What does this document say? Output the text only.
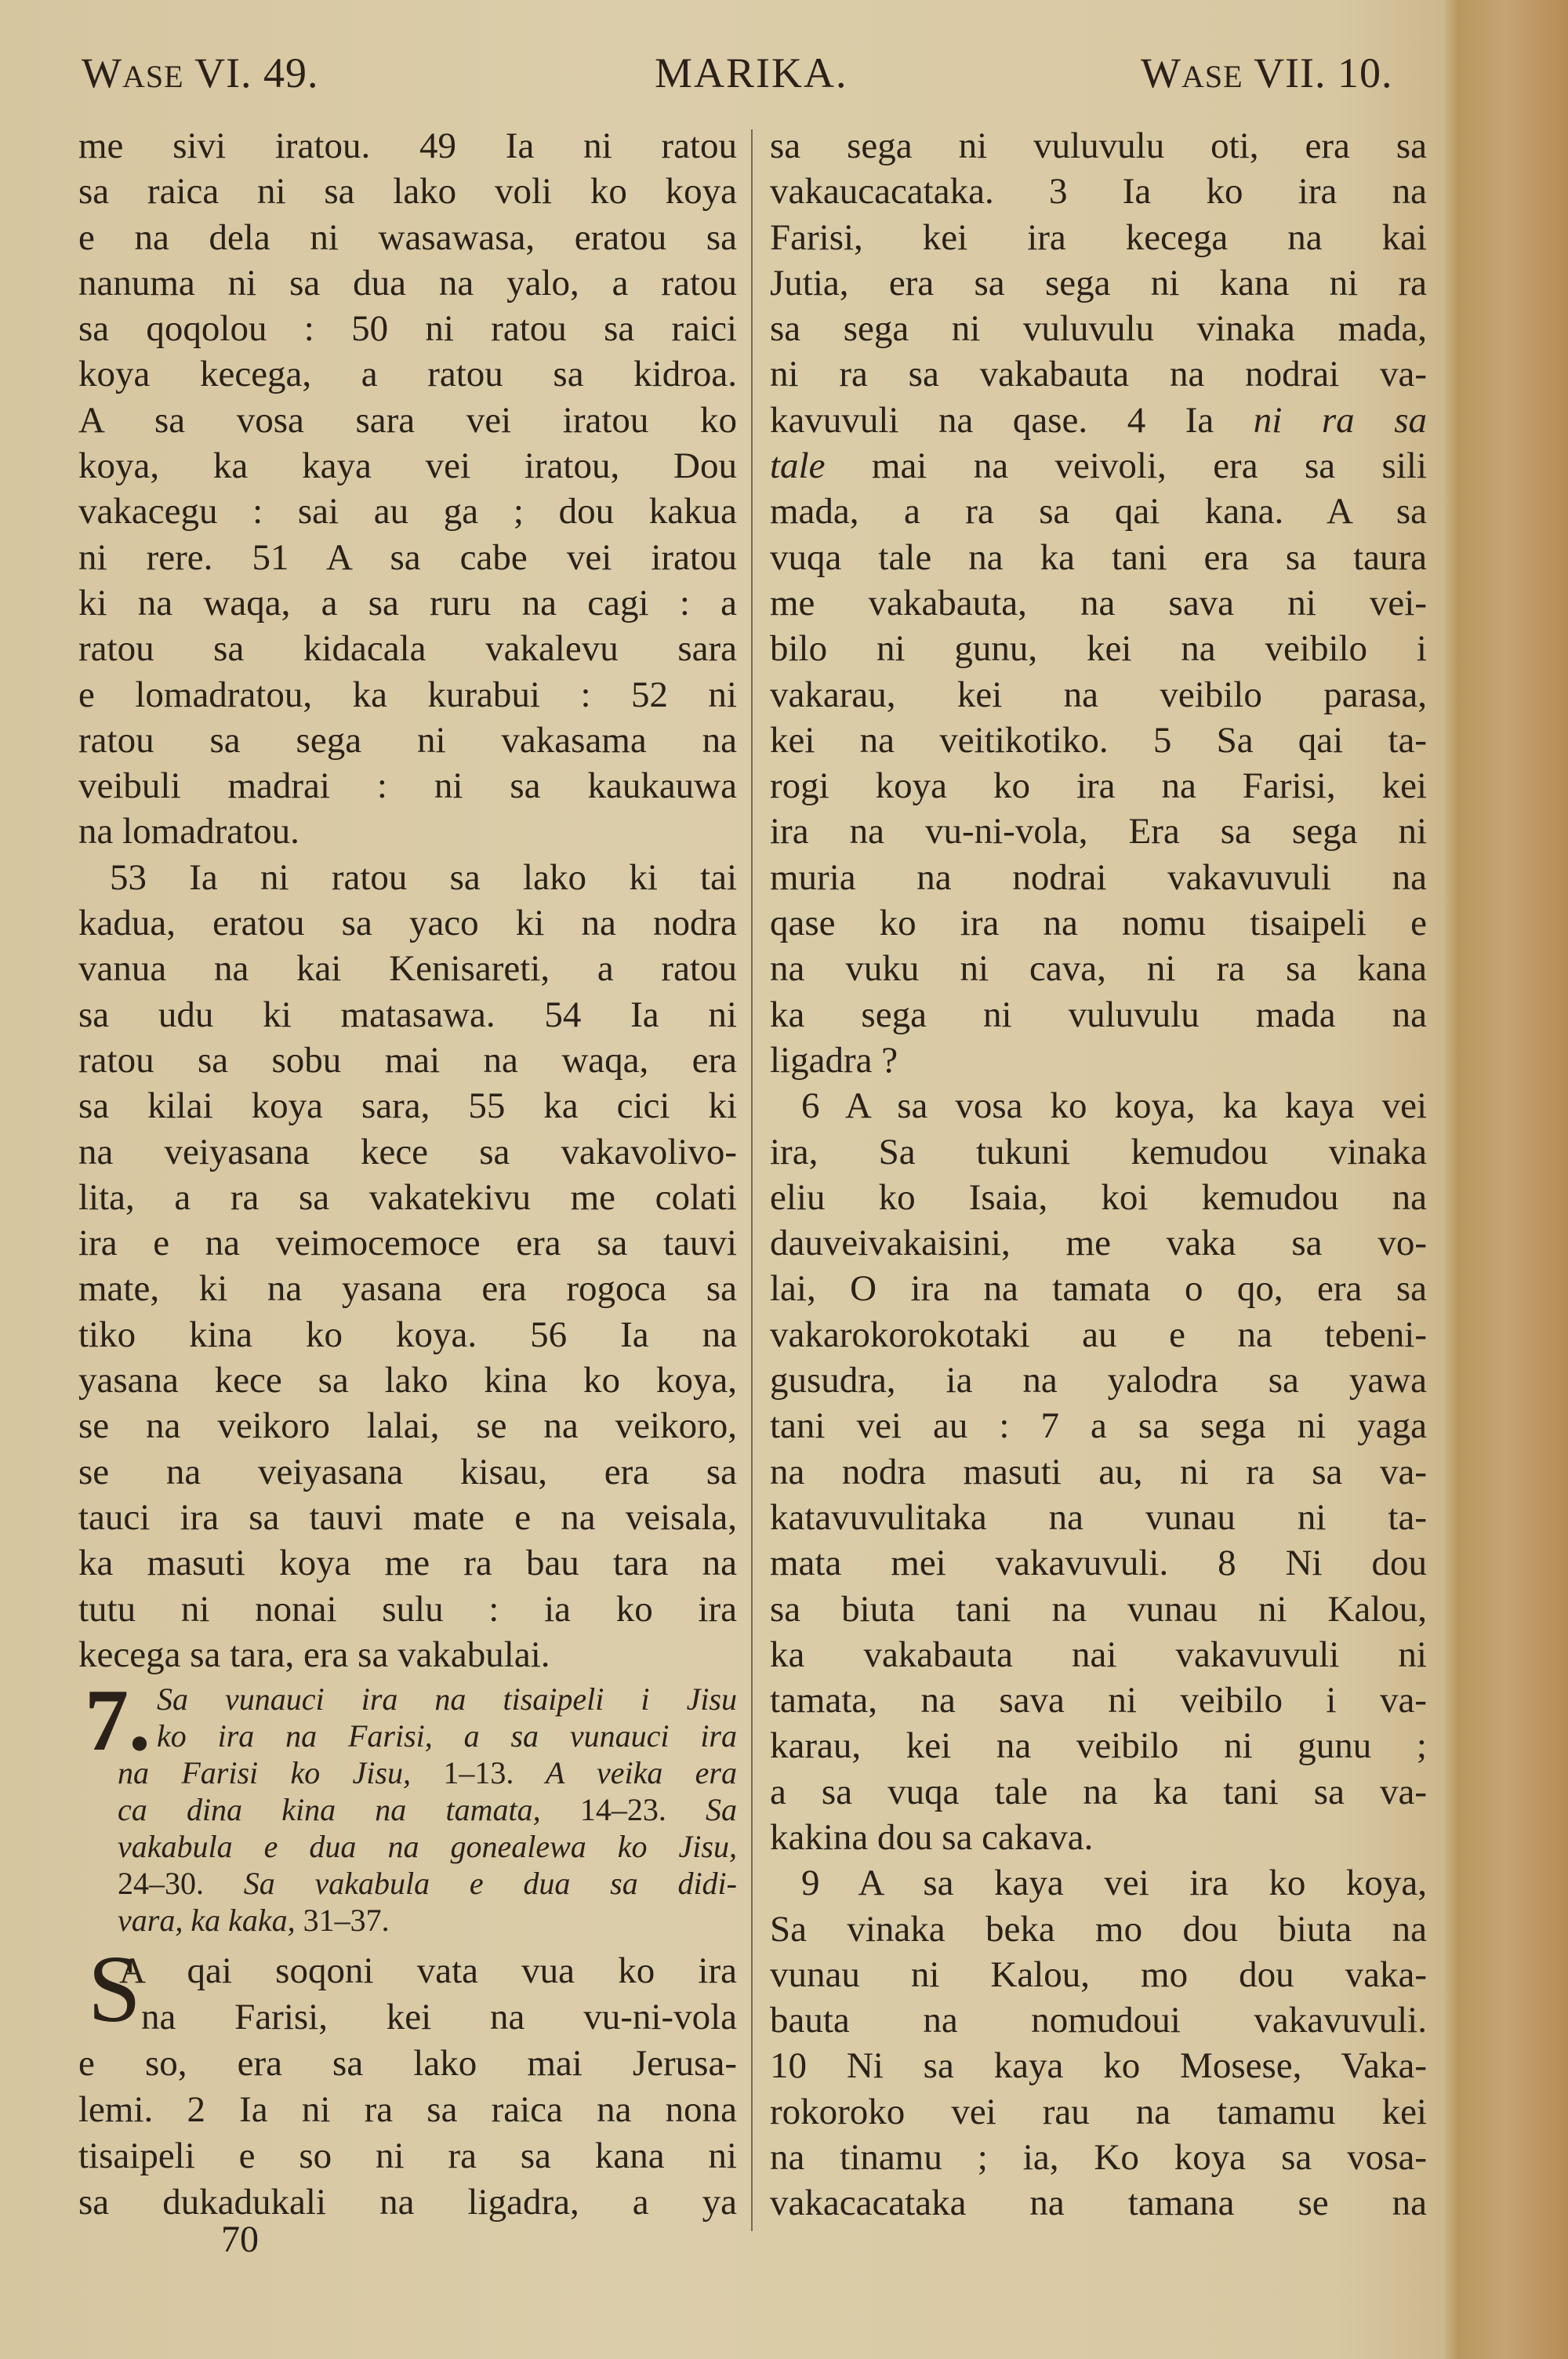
WASE VI. 49.	MARIKA.	WASE VII. 10.
me sivi iratou. 49 Ia ni ratou
sa raica ni sa lako voli ko koya
e na dela ni wasawasa, eratou sa
nanuma ni sa dua na yalo, a ratou
sa qoqolou : 50 ni ratou sa raici
koya kecega, a ratou sa kidroa.
A sa vosa sara vei iratou ko
koya, ka kaya vei iratou, Dou
vakacegu : sai au ga ; dou kakua
ni rere. 51 A sa cabe vei iratou
ki na waqa, a sa ruru na cagi : a
ratou sa kidacala vakalevu sara
e lomadratou, ka kurabui : 52 ni
ratou sa sega ni vakasama na
veibuli madrai : ni sa kaukauwa
na lomadratou.
53 Ia ni ratou sa lako ki tai
kadua, eratou sa yaco ki na nodra
vanua na kai Kenisareti, a ratou
sa udu ki matasawa. 54 Ia ni
ratou sa sobu mai na waqa, era
sa kilai koya sara, 55 ka cici ki
na veiyasana kece sa vakavolivo-
lita, a ra sa vakatekivu me colati
ira e na veimocemoce era sa tauvi
mate, ki na yasana era rogoca sa
tiko kina ko koya. 56 Ia na
yasana kece sa lako kina ko koya,
se na veikoro lalai, se na veikoro,
se na veiyasana kisau, era sa
tauci ira sa tauvi mate e na veisala,
ka masuti koya me ra bau tara na
tutu ni nonai sulu : ia ko ira
kecega sa tara, era sa vakabulai.
sa sega ni vuluvulu oti, era sa
vakaucacataka. 3 Ia ko ira na
Farisi, kei ira kecega na kai
Jutia, era sa sega ni kana ni ra
sa sega ni vuluvulu vinaka mada,
ni ra sa vakabauta na nodrai va-
kavuvuli na qase. 4 Ia ni ra sa
tale mai na veivoli, era sa sili
mada, a ra sa qai kana. A sa
vuqa tale na ka tani era sa taura
me vakabauta, na sava ni vei-
bilo ni gunu, kei na veibilo i
vakarau, kei na veibilo parasa,
kei na veitikotiko. 5 Sa qai ta-
rogi koya ko ira na Farisi, kei
ira na vu-ni-vola, Era sa sega ni
muria na nodrai vakavuvuli na
qase ko ira na nomu tisaipeli e
na vuku ni cava, ni ra sa kana
ka sega ni vuluvulu mada na
ligadra ?
6 A sa vosa ko koya, ka kaya vei
ira, Sa tukuni kemudou vinaka
eliu ko Isaia, koi kemudou na
dauveivakaisini, me vaka sa vo-
lai, O ira na tamata o qo, era sa
vakarokorokotaki au e na tebeni-
gusudra, ia na yalodra sa yawa
tani vei au : 7 a sa sega ni yaga
na nodra masuti au, ni ra sa va-
katavuvulitaka na vunau ni ta-
mata mei vakavuvuli. 8 Ni dou
sa biuta tani na vunau ni Kalou,
ka vakabauta nai vakavuvuli ni
tamata, na sava ni veibilo i va-
karau, kei na veibilo ni gunu ;
a sa vuqa tale na ka tani sa va-
kakina dou sa cakava.
9 A sa kaya vei ira ko koya,
Sa vinaka beka mo dou biuta na
vunau ni Kalou, mo dou vaka-
bauta na nomudoui vakavuvuli.
10 Ni sa kaya ko Mosese, Vaka-
rokoroko vei rau na tamamu kei
na tinamu ; ia, Ko koya sa vosa-
vakacacataka na tamana se na
7. Sa vunauci ira na tisaipeli i Jisu
ko ira na Farisi, a sa vunauci ira
na Farisi ko Jisu, 1–13. A veika era
ca dina kina na tamata, 14–23. Sa
vakabula e dua na gonealewa ko Jisu,
24–30. Sa vakabula e dua sa didi-
vara, ka kaka, 31–37.
S
A qai soqoni vata vua ko ira
na Farisi, kei na vu-ni-vola
e so, era sa lako mai Jerusa-
lemi. 2 Ia ni ra sa raica na nona
tisaipeli e so ni ra sa kana ni
sa dukadukali na ligadra, a ya
70
